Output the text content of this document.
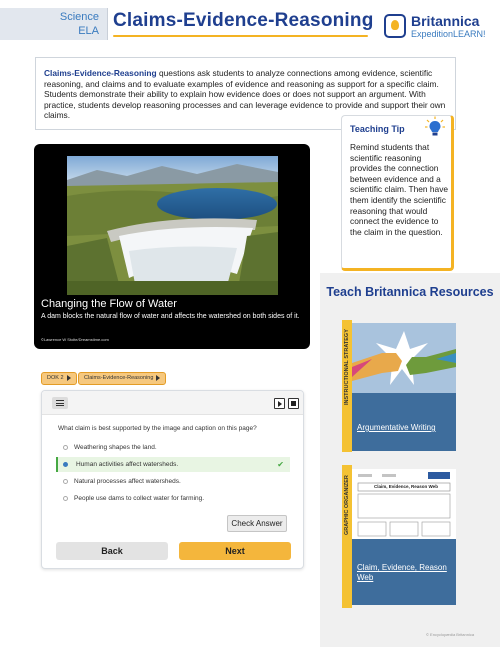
Science
ELA Claims-Evidence-Reasoning	Britannica
ExpeditionLEARN!
Claims-Evidence-Reasoning questions ask students to analyze connections among evidence, scientific reasoning, and claims and to evaluate examples of evidence and reasoning as support for a specific claim. Students demonstrate their ability to explain how evidence does or does not support an argument. With practice, students develop reasoning processes and can leverage evidence to provide and support their own claims.
Changing the Flow of Water
A dam blocks the natural flow of water and affects the watershed on both sides of it.
©Lawrence W Stolte/Dreamstime.com
Teaching Tip
Remind students that scientific reasoning provides the connection between evidence and a scientific claim. Then have them identify the scientific reasoning that would connect the evidence to the claim in the question.
Teach Britannica Resources
INSTRUCTIONAL STRATEGY
Argumentative Writing
GRAPHIC ORGANIZER	Claim, Evidence, Reason Web
Claim, Evidence, Reason Web
© Encyclopædia Britannica
DOK 2	Claims-Evidence-Reasoning
What claim is best supported by the image and caption on this page?
Weathering shapes the land.
Human activities affect watersheds.	✔
Natural processes affect watersheds.
People use dams to collect water for farming.
Check Answer
Back	Next
